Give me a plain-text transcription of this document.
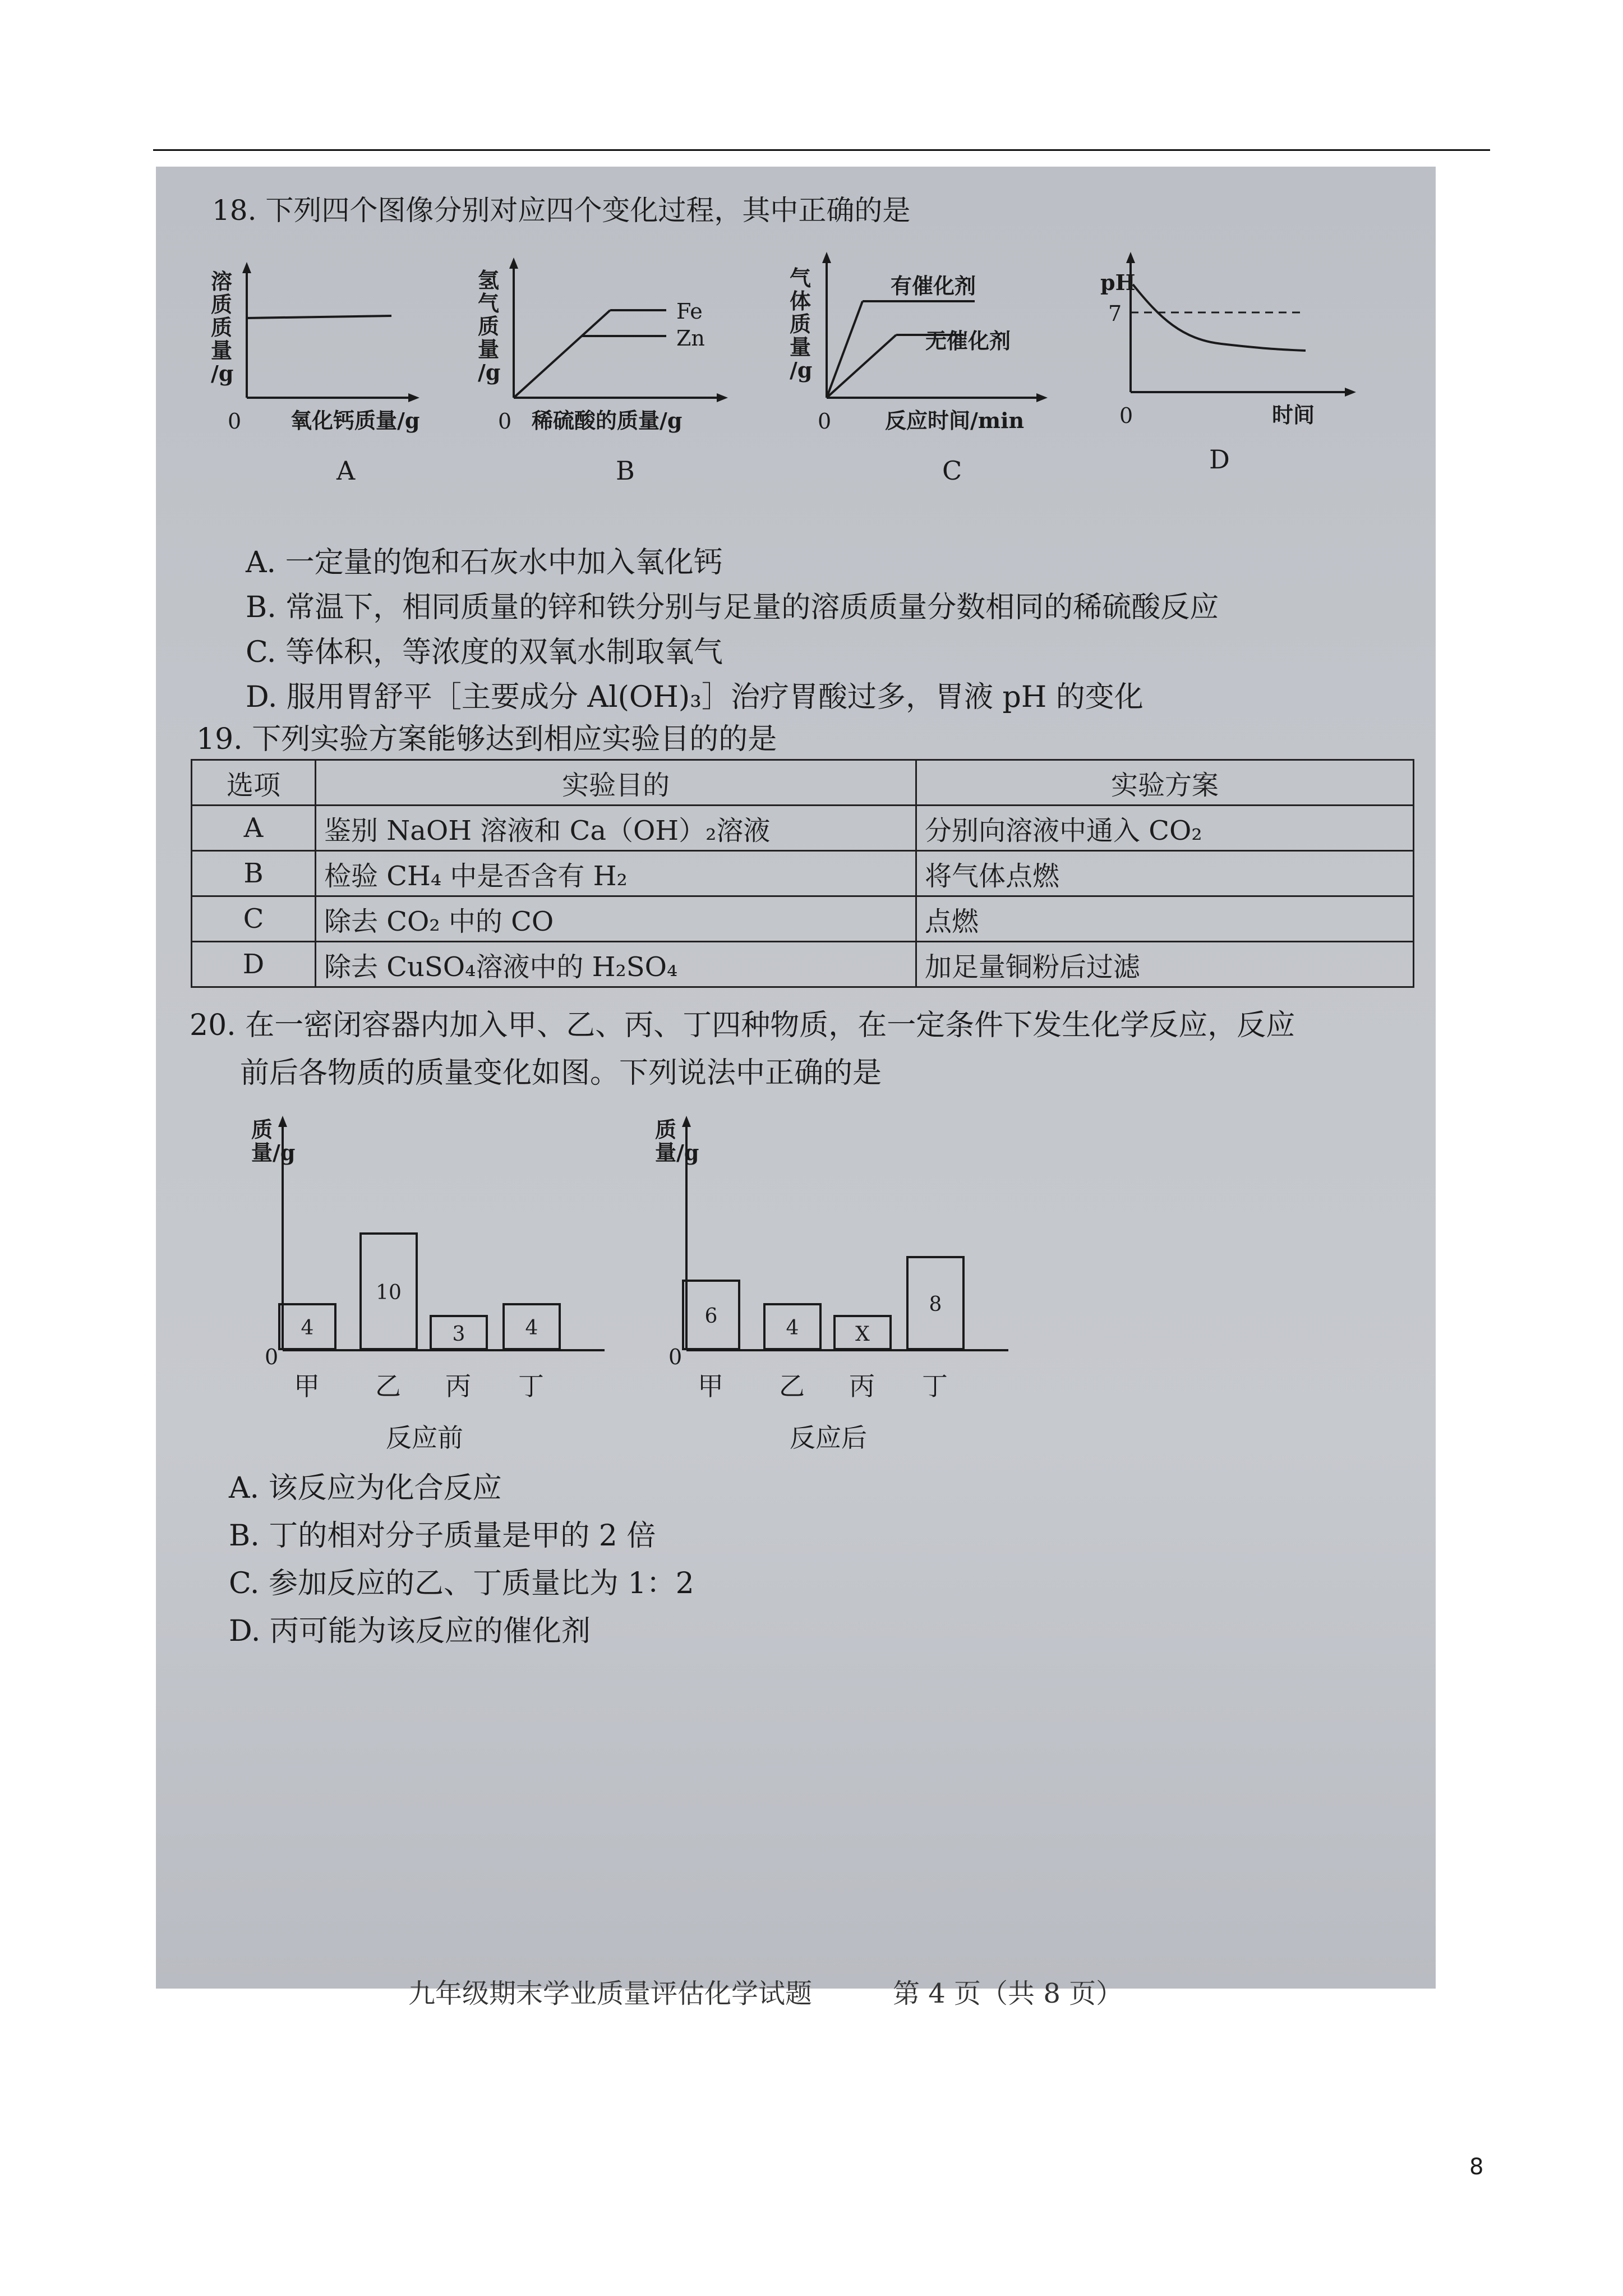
18. 下列四个图像分别对应四个变化过程，其中正确的是
溶
质
质
量
/g
0 氧化钙质量/g
A
氢
气
质
量
/g
Fe
Zn
0 稀硫酸的质量/g
B
气
体
质
量
/g
有催化剂
无催化剂
0	反应时间/min
C
pH
7
0	时间
D
A. 一定量的饱和石灰水中加入氧化钙
B. 常温下，相同质量的锌和铁分别与足量的溶质质量分数相同的稀硫酸反应
C. 等体积，等浓度的双氧水制取氧气
D. 服用胃舒平［主要成分 Al(OH)₃］治疗胃酸过多，胃液 pH 的变化
19. 下列实验方案能够达到相应实验目的的是
选项	实验目的	实验方案
A	鉴别 NaOH 溶液和 Ca（OH）₂溶液	分别向溶液中通入 CO₂
B	检验 CH₄ 中是否含有 H₂	将气体点燃
C	除去 CO₂ 中的 CO	点燃
D	除去 CuSO₄溶液中的 H₂SO₄	加足量铜粉后过滤
20. 在一密闭容器内加入甲、乙、丙、丁四种物质，在一定条件下发生化学反应，反应
前后各物质的质量变化如图。下列说法中正确的是
质量/g
0
反应前
4
甲
10
乙
3
丙
4
丁
质量/g
0
反应后
6
甲
4
乙
X
丙
8
丁
A. 该反应为化合反应
B. 丁的相对分子质量是甲的 2 倍
C. 参加反应的乙、丁质量比为 1：2
D. 丙可能为该反应的催化剂
九年级期末学业质量评估化学试题　　　第 4 页（共 8 页）
8
